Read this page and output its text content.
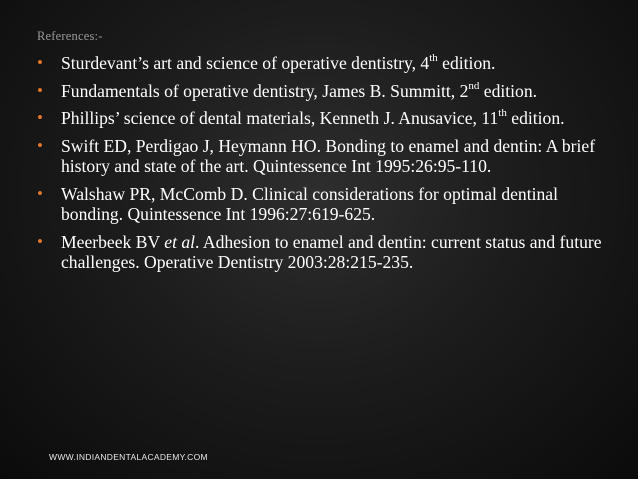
References:-
• Sturdevant’s art and science of operative dentistry, 4th edition.
• Fundamentals of operative dentistry, James B. Summitt, 2nd edition.
• Phillips’ science of dental materials, Kenneth J. Anusavice, 11th edition.
• Swift ED, Perdigao J, Heymann HO. Bonding to enamel and dentin: A brief history and state of the art. Quintessence Int 1995:26:95-110.
• Walshaw PR, McComb D. Clinical considerations for optimal dentinal bonding. Quintessence Int 1996:27:619-625.
• Meerbeek BV et al. Adhesion to enamel and dentin: current status and future challenges. Operative Dentistry 2003:28:215-235.
WWW.INDIANDENTALACADEMY.COM
